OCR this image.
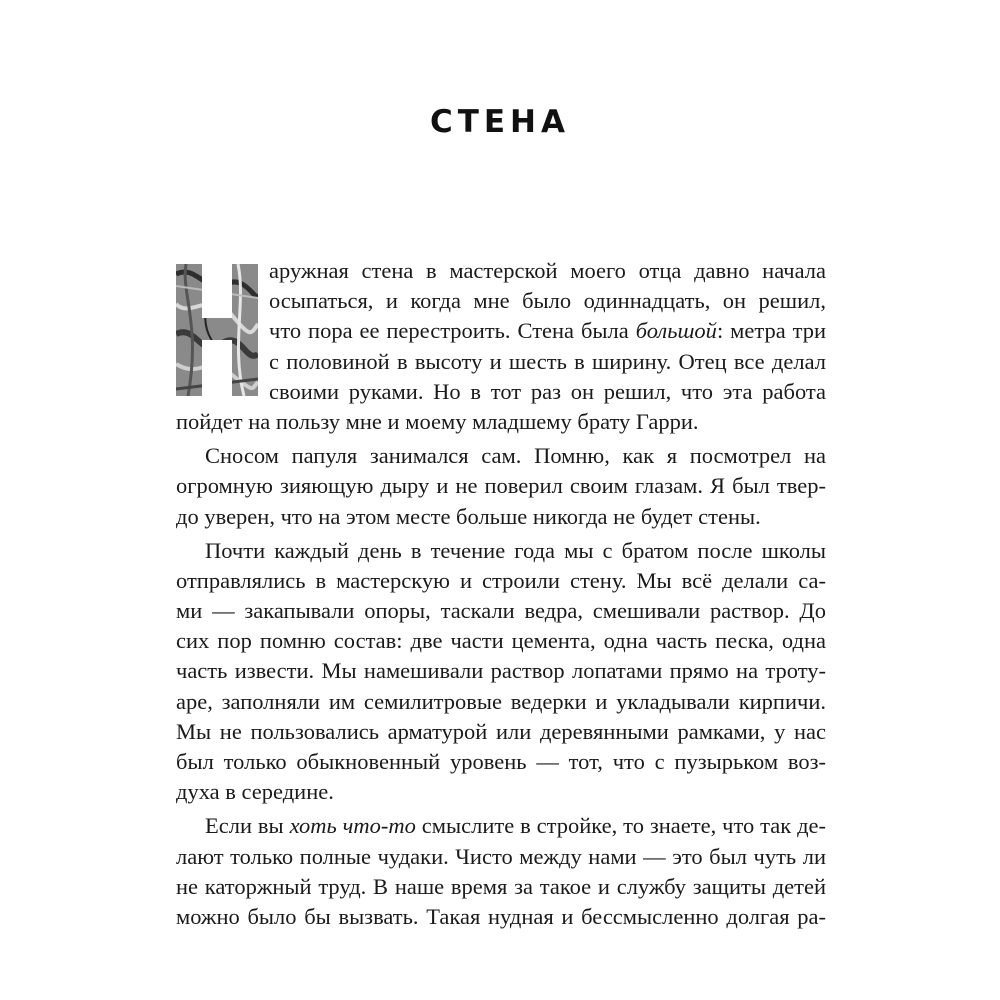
СТЕНА
аружная стена в мастерской моего отца давно начала
осыпаться, и когда мне было одиннадцать, он решил,
что пора ее перестроить. Стена была большой: метра три
с половиной в высоту и шесть в ширину. Отец все делал
своими руками. Но в тот раз он решил, что эта работа
пойдет на пользу мне и моему младшему брату Гарри.
Сносом папуля занимался сам. Помню, как я посмотрел на
огромную зияющую дыру и не поверил своим глазам. Я был твер-
до уверен, что на этом месте больше никогда не будет стены.
Почти каждый день в течение года мы с братом после школы
отправлялись в мастерскую и строили стену. Мы всё делали са-
ми — закапывали опоры, таскали ведра, смешивали раствор. До
сих пор помню состав: две части цемента, одна часть песка, одна
часть извести. Мы намешивали раствор лопатами прямо на троту-
аре, заполняли им семилитровые ведерки и укладывали кирпичи.
Мы не пользовались арматурой или деревянными рамками, у нас
был только обыкновенный уровень — тот, что с пузырьком воз-
духа в середине.
Если вы хоть что-то смыслите в стройке, то знаете, что так де-
лают только полные чудаки. Чисто между нами — это был чуть ли
не каторжный труд. В наше время за такое и службу защиты детей
можно было бы вызвать. Такая нудная и бессмысленно долгая ра-
